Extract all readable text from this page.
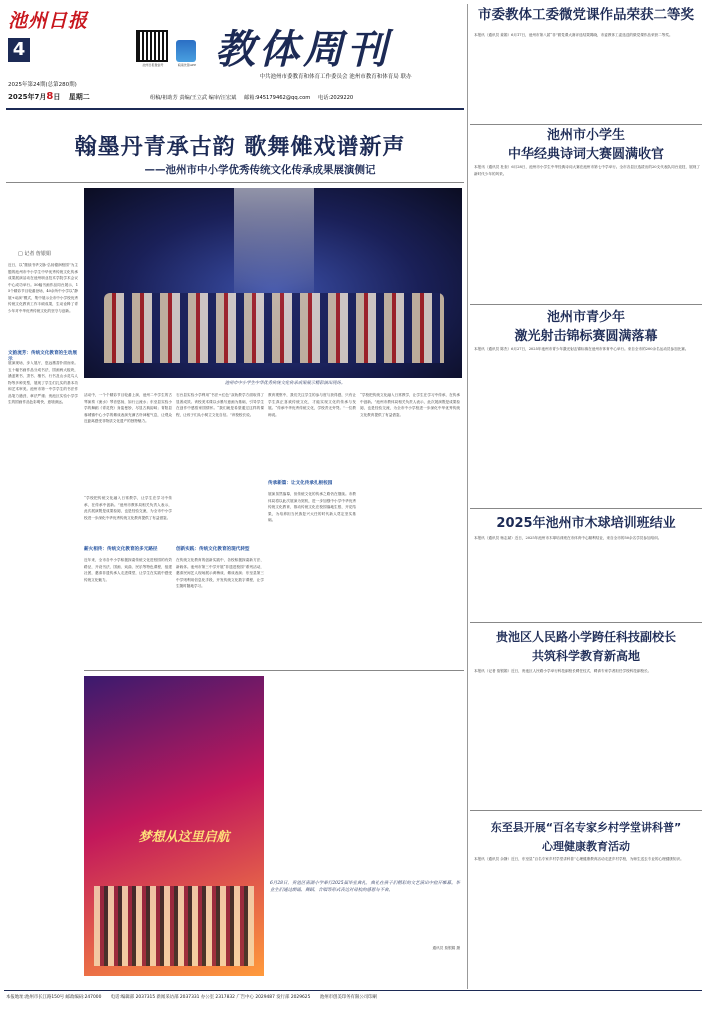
池州日报
4
池州日报微信号	皖南先锋APP
2025年第24期(总第280期)
2025年7月8日 星期二
教体周刊
中共池州市委教育和体育工作委员会 池州市教育和体育局 联办
组稿/祖助芳 责编/王立武 编审/汪宏斌 邮箱:945179462@qq.com 电话:2029220
翰墨丹青承古韵 歌舞傩戏谱新声
——池州市中小学优秀传统文化传承成果展演侧记
□ 记者 詹银娟
近日，以“继续书华文脉·弘扬德润校园”为主题的池州市中小学生中华优秀传统文化传承成果展演活动在池州职业技术学院学术会议中心成功举行。50幅书画作品同台展示，15个精彩节目轮番登场，40余所中小学以“静展+动演”模式，集中展示全市中小学校优秀传统文化教育工作丰硕成果，生动诠释了青少年对中华优秀传统文化的坚守与创新。
文韵流芳：传统文化教育的生动展示
展演现场，步入展厅，悠远墨香扑面而来。五十幅书画作品分成书法、国画两大板块，涵盖篆书、隶书、楷书、行书及山水花鸟人物等多种类型，展现了学生们扎实的基本功和艺术审美。池州市第一中学学生的书法作品笔力遒劲，章法严谨；贵池区实验小学学生的国画作品色彩明快，意境深远。
池州市中小学生中华优秀传统文化传承成果展示精彩演出现场。
活动中，一个个精彩节目轮番上演，池州二中学生的古琴演奏《流水》琴音悠扬，如行云流水；东至县实验小学的舞蹈《青花瓷》身姿曼妙，尽显古典韵味；青阳县蓉城镇中心小学的傩戏表演充满古朴神秘气息，让观众近距离感受非物质文化遗产的独特魅力。
“学校把传统文化融入日常教学，让学生在学习中传承，在传承中创新。”池州市教体局相关负责人表示，此次展演既是成果检阅，也是经验交流，为全市中小学校进一步深化中华优秀传统文化教育提供了有益借鉴。
薪火相传：传统文化教育的多元路径
近年来，全市各中小学积极探索传统文化进校园的有效路径，开设书法、国画、戏曲、民乐等特色课程，组建社团，邀请非遗传承人走进课堂，让学生在实践中感受传统文化魅力。
石台县实验小学利用“书法+红色”双轨教学方面取得了显著成效。该校美术课以水墨写意画为基础，引导学生在创作中感悟家国情怀。“我们就是希望通过这样的课程，让孩子们从小树立文化自信。”该校校长说。
创新实践：传统文化教育的现代转型
在传统文化教育的创新实践中，各校积极探索新方法、新载体。池州市第三中学开展“非遗进校园”系列活动，邀请民间艺人现场展示黄梅戏、傩戏表演；东至县第三中学则利用信息化手段，开发传统文化数字课程，让学生随时随地学习。
教育观察中，我们关注学生的参与度与获得感，只有让学生真正喜欢传统文化，才能实现文化的传承与发展。“传承中华优秀传统文化，学校责无旁贷。”一位教师说。
传承新篇：让文化传承扎根校园
展演虽然落幕，但传统文化的传承之路仍在继续。市教体局将以此次展演为契机，进一步加强中小学中华优秀传统文化教育，推动传统文化在校园落地生根、开花结果，为培养担当民族复兴大任的时代新人奠定坚实基础。
“学校把传统文化融入日常教学，让学生在学习中传承，在传承中创新。”池州市教体局相关负责人表示，此次展演既是成果检阅，也是经验交流，为全市中小学校进一步深化中华优秀传统文化教育提供了有益借鉴。
梦想从这里启航
6月28日，贵池区南湖小学举行2025届毕业典礼，典礼在孩子们精彩的文艺演出中拉开帷幕。毕业生们通过朗诵、舞蹈、合唱等形式表达对母校的感恩与不舍。
通讯员 詹银娟 摄
市委教体工委微党课作品荣获二等奖
本报讯（通讯员 姜娟）6月17日，池州市第八届“非”微党课大赛评选结果揭晓，市委教体工委选送的微党课作品荣获二等奖。
池州市小学生
中华经典诗词大赛圆满收官
本报讯（通讯员 杜奎）6月28日，池州市小学生中华经典诗词大赛在池州市第七中学举行。全市各县区选拔出的20支代表队同台竞技，展现了新时代少年的风采。
池州市青少年
激光射击锦标赛圆满落幕
本报讯（通讯员 陈杰）6月27日，2025年池州市青少年激光射击锦标赛在池州市体育中心举行。来自全市的200余名运动员参加比赛。
2025年池州市木球培训班结业
本报讯（通讯员 杨志斌）近日，2025年池州市木球培训班在市体育中心顺利结业，来自全市的50余名学员参加培训。
贵池区人民路小学跨任科技副校长
共筑科学教育新高地
本报讯（记者 詹银娟）近日，贵池区人民路小学举行科技副校长聘任仪式，聘请专家学者担任学校科技副校长。
东至县开展“百名专家乡村学堂讲科普”
心理健康教育活动
本报讯（通讯员 余静）近日，东至县“百名专家乡村学堂讲科普”心理健康教育活动走进乡村学校，为师生送去专业的心理健康知识。
本报地址:池州市长江路150号 邮政编码:247000 电话:编辑部 2037315 新闻采访部 2037331 办公室 2317832 广告中心 2029487 发行部 2029625 池州市创美印务有限公司印刷
